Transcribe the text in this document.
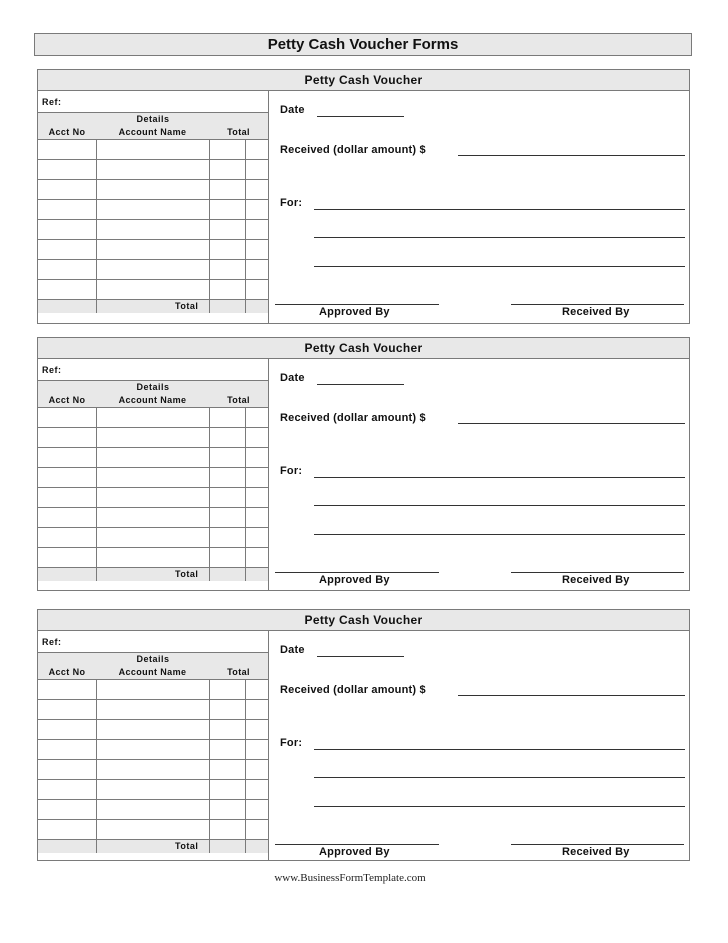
Petty Cash Voucher Forms
Petty Cash Voucher
Ref:
Details
Acct No	Account Name	Total
Total
Date
Received (dollar amount) $
For:
Approved By	Received By
Petty Cash Voucher
Ref:
Details
Acct No	Account Name	Total
Total
Date
Received (dollar amount) $
For:
Approved By	Received By
Petty Cash Voucher
Ref:
Details
Acct No	Account Name	Total
Total
Date
Received (dollar amount) $
For:
Approved By	Received By
www.BusinessFormTemplate.com
